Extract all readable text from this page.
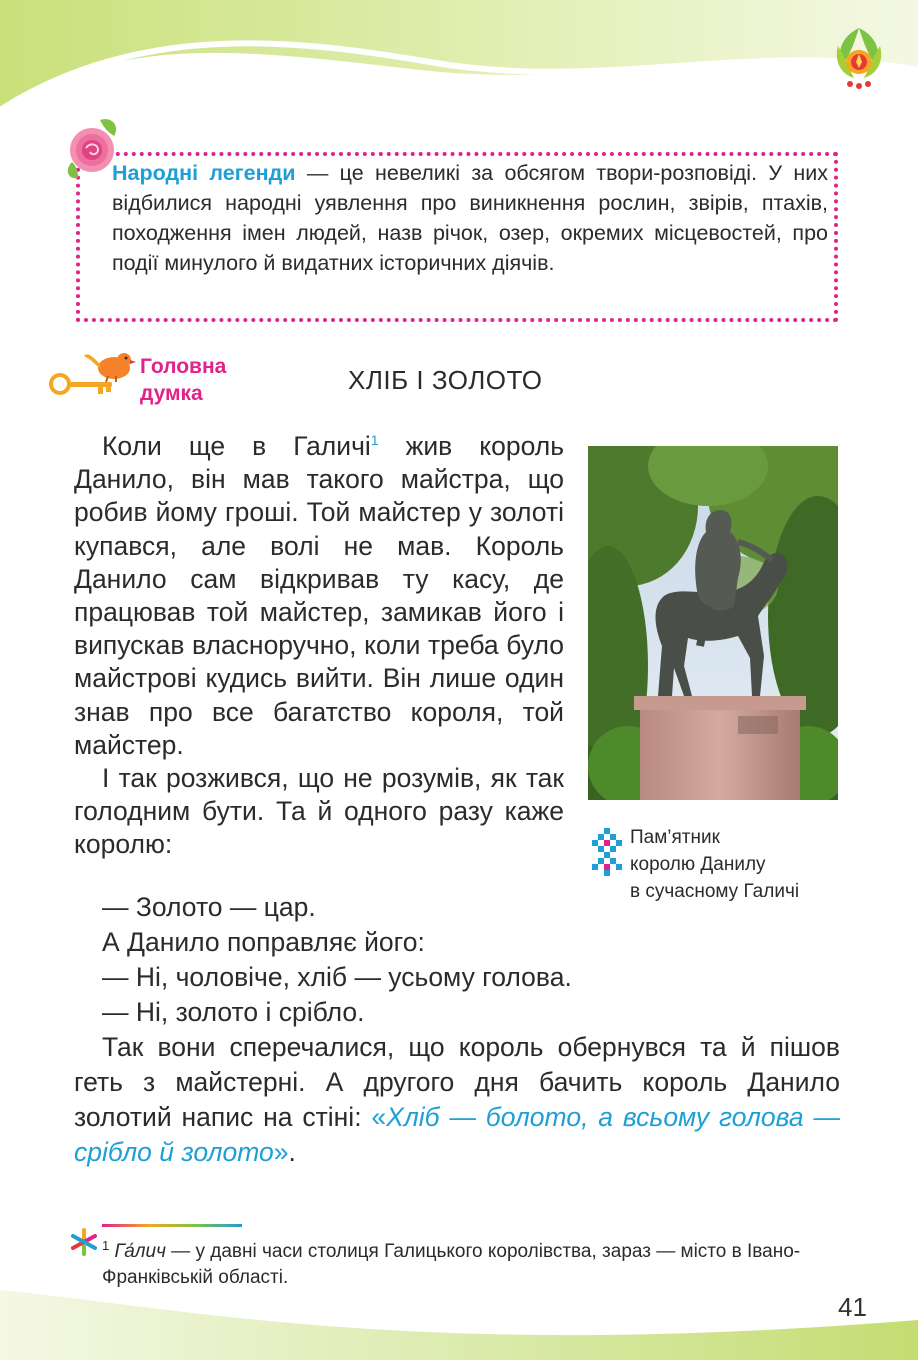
Народні легенди — це невеликі за обсягом твори-розповіді. У них відбилися народні уявлення про виникнення рослин, звірів, птахів, походження імен людей, назв річок, озер, окремих місцевостей, про події минулого й видатних історичних діячів.
Головна
думка	ХЛІБ І ЗОЛОТО

Коли ще в Галичі$^1$ жив король Данило, він мав такого майстра, що робив йому гроші. Той майстер у золоті купався, але волі не мав. Король Данило сам відкривав ту касу, де працював той майстер, замикав його і випускав власноручно, коли треба було майстрові кудись вийти. Він лише один знав про все багатство короля, той майстер.

І так розжився, що не розумів, як так голодним бути. Та й одного разу каже королю:	Пам’ятник
королю Данилу
в сучасному Галичі

— Золото — цар.

А Данило поправляє його:

— Ні, чоловіче, хліб — усьому голова.

— Ні, золото і срібло.

Так вони сперечалися, що король обернувся та й пішов геть з майстерні. А другого дня бачить король Данило золотий напис на стіні: «Хліб — болото, а всьому голова — срібло й золото».

$^1$ Га́лич — у давні часи столиця Галицького королівства, зараз — місто в Івано-Франківській області.
41
